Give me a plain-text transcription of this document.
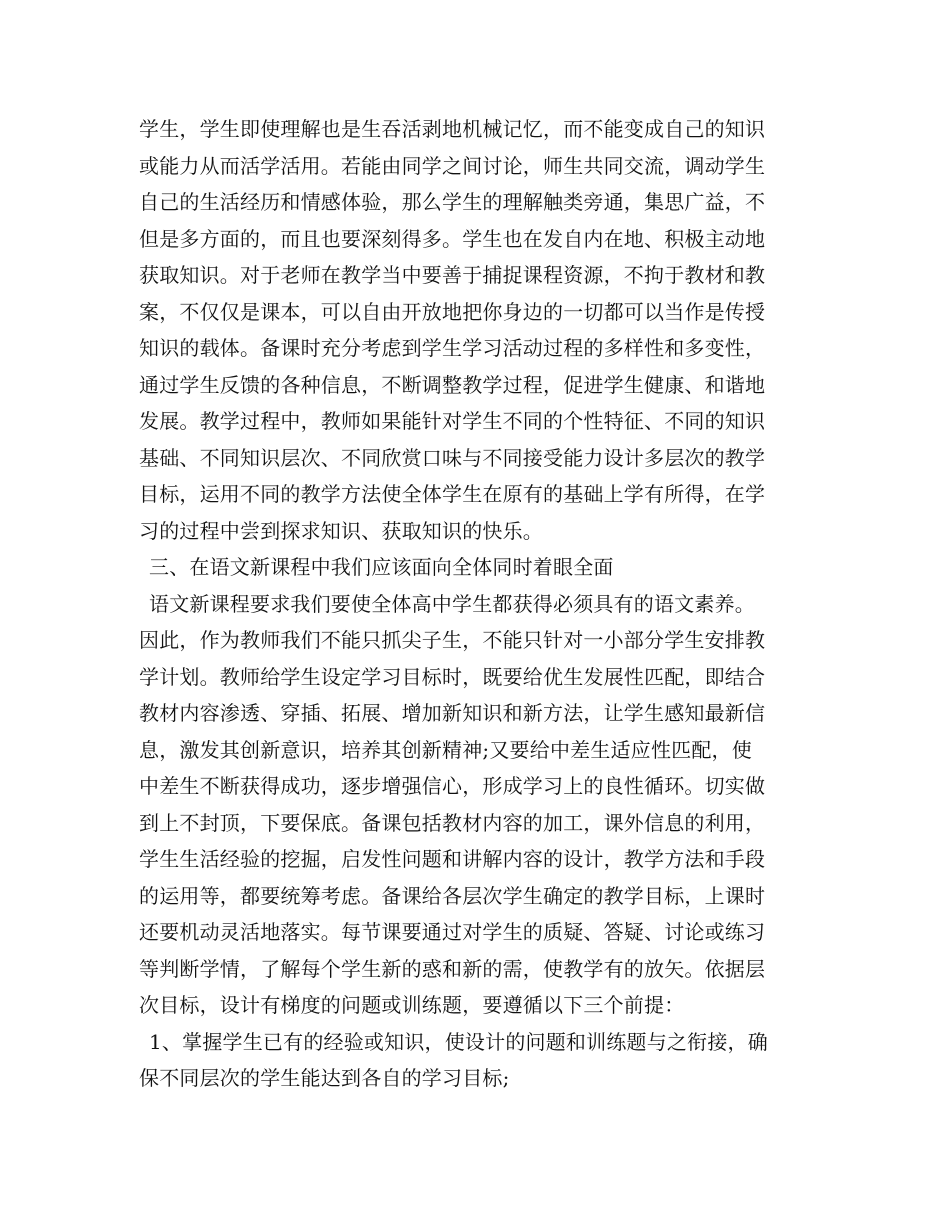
学生，学生即使理解也是生吞活剥地机械记忆，而不能变成自己的知识
或能力从而活学活用。若能由同学之间讨论，师生共同交流，调动学生
自己的生活经历和情感体验，那么学生的理解触类旁通，集思广益，不
但是多方面的，而且也要深刻得多。学生也在发自内在地、积极主动地
获取知识。对于老师在教学当中要善于捕捉课程资源，不拘于教材和教
案，不仅仅是课本，可以自由开放地把你身边的一切都可以当作是传授
知识的载体。备课时充分考虑到学生学习活动过程的多样性和多变性，
通过学生反馈的各种信息，不断调整教学过程，促进学生健康、和谐地
发展。教学过程中，教师如果能针对学生不同的个性特征、不同的知识
基础、不同知识层次、不同欣赏口味与不同接受能力设计多层次的教学
目标，运用不同的教学方法使全体学生在原有的基础上学有所得，在学
习的过程中尝到探求知识、获取知识的快乐。
三、在语文新课程中我们应该面向全体同时着眼全面
语文新课程要求我们要使全体高中学生都获得必须具有的语文素养。
因此，作为教师我们不能只抓尖子生，不能只针对一小部分学生安排教
学计划。教师给学生设定学习目标时，既要给优生发展性匹配，即结合
教材内容渗透、穿插、拓展、增加新知识和新方法，让学生感知最新信
息，激发其创新意识，培养其创新精神;又要给中差生适应性匹配，使
中差生不断获得成功，逐步增强信心，形成学习上的良性循环。切实做
到上不封顶，下要保底。备课包括教材内容的加工，课外信息的利用，
学生生活经验的挖掘，启发性问题和讲解内容的设计，教学方法和手段
的运用等，都要统筹考虑。备课给各层次学生确定的教学目标，上课时
还要机动灵活地落实。每节课要通过对学生的质疑、答疑、讨论或练习
等判断学情，了解每个学生新的惑和新的需，使教学有的放矢。依据层
次目标，设计有梯度的问题或训练题，要遵循以下三个前提：
1、掌握学生已有的经验或知识，使设计的问题和训练题与之衔接，确
保不同层次的学生能达到各自的学习目标;
